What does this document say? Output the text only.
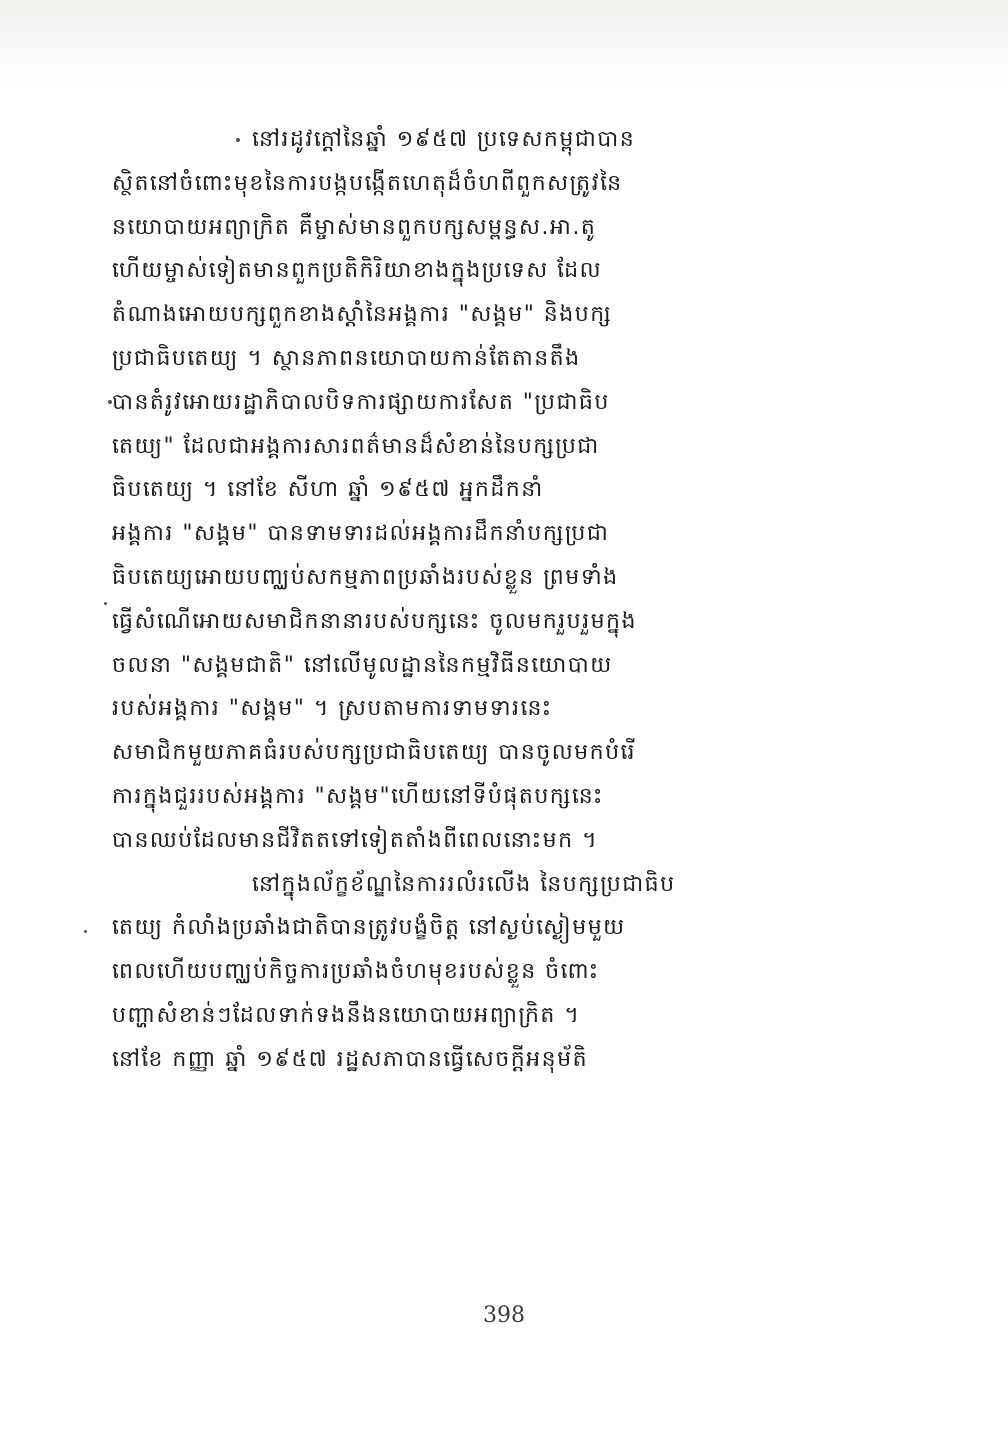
នៅរដូវក្តៅនៃឆ្នាំ ១៩៥៧ ប្រទេសកម្ពុជាបាន
ស្ថិតនៅចំពោះមុខនៃការបង្កបង្កើតហេតុដ៏ចំហពីពួកសត្រូវនៃ
នយោបាយអព្យាក្រិត គឺម្ចាស់មានពួកបក្សសម្ពន្ធស.អា.តូ
ហើយម្ចាស់ទៀតមានពួកប្រតិកិរិយាខាងក្នុងប្រទេស ដែល
តំណាងអោយបក្សពួកខាងស្តាំនៃអង្គការ "សង្គម" និងបក្ស
ប្រជាធិបតេយ្យ ។ ស្ថានភាពនយោបាយកាន់តែតានតឹង
បានតំរូវអោយរដ្ឋាភិបាលបិទការផ្សាយការសែត "ប្រជាធិប
តេយ្យ" ដែលជាអង្គការសារពត៌មានដ៏សំខាន់នៃបក្សប្រជា
ធិបតេយ្យ ។ នៅខែ សីហា ឆ្នាំ ១៩៥៧ អ្នកដឹកនាំ
អង្គការ "សង្គម" បានទាមទារដល់អង្គការដឹកនាំបក្សប្រជា
ធិបតេយ្យអោយបញ្ឈប់សកម្មភាពប្រឆាំងរបស់ខ្លួន ព្រមទាំង
ធ្វើសំណើអោយសមាជិកនានារបស់បក្សនេះ ចូលមករួបរួមក្នុង
ចលនា "សង្គមជាតិ" នៅលើមូលដ្ឋាននៃកម្មវិធីនយោបាយ
របស់អង្គការ "សង្គម" ។ ស្របតាមការទាមទារនេះ
សមាជិកមួយភាគធំរបស់បក្សប្រជាធិបតេយ្យ បានចូលមកបំរើ
ការក្នុងជួររបស់អង្គការ "សង្គម"ហើយនៅទីបំផុតបក្សនេះ
បានឈប់ដែលមានជីវិតតទៅទៀតតាំងពីពេលនោះមក ។
នៅក្នុងល័ក្ខខ័ណ្ឌនៃការរលំរលើង នៃបក្សប្រជាធិប
តេយ្យ កំលាំងប្រឆាំងជាតិបានត្រូវបង្ខំចិត្ត នៅស្ងប់ស្ងៀមមួយ
ពេលហើយបញ្ឈប់កិច្ចការប្រឆាំងចំហមុខរបស់ខ្លួន ចំពោះ
បញ្ហាសំខាន់ៗដែលទាក់ទងនឹងនយោបាយអព្យាក្រិត ។
នៅខែ កញ្ញា ឆ្នាំ ១៩៥៧ រដ្ឋសភាបានធ្វើសេចក្តីអនុម័តិ
398
